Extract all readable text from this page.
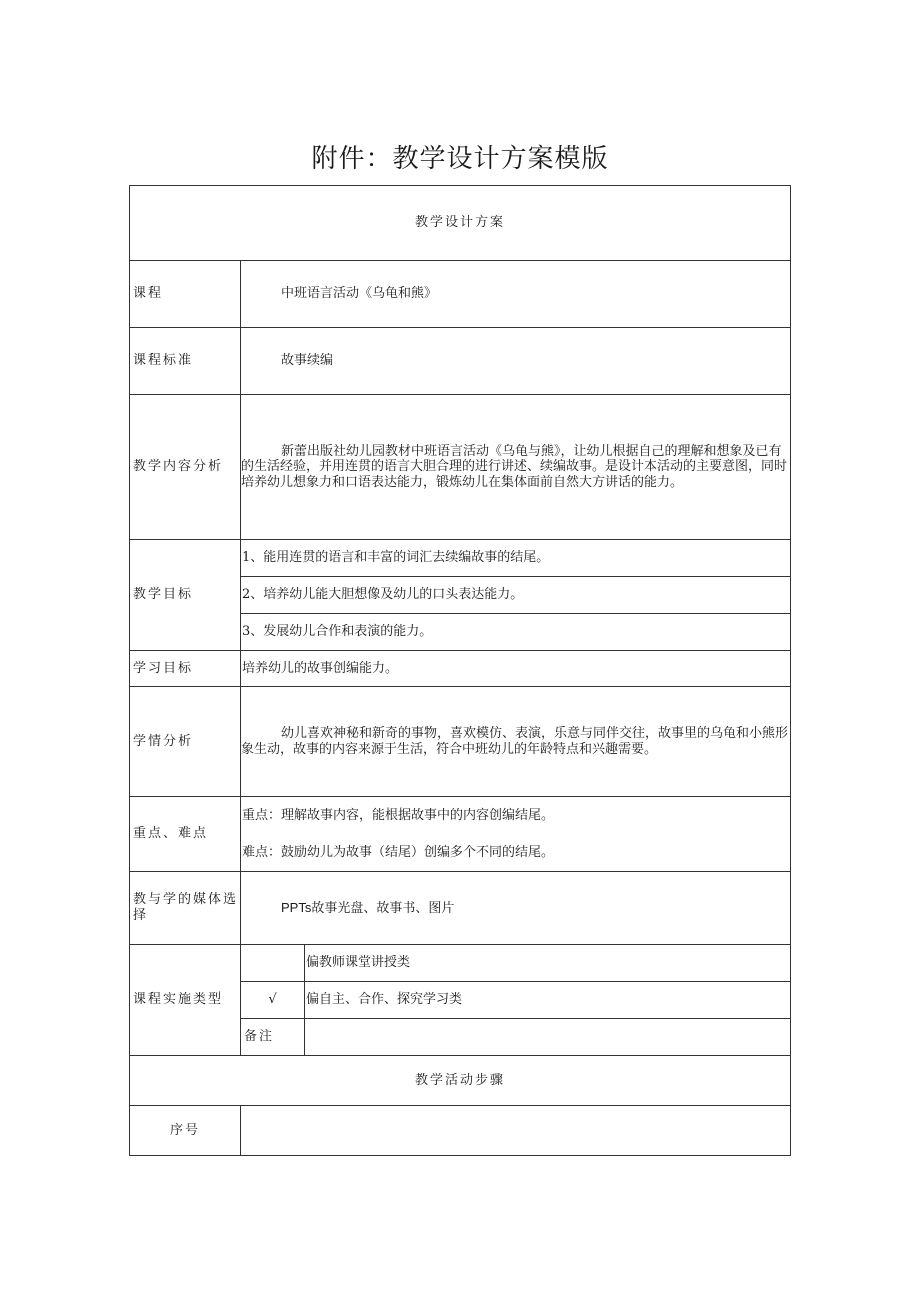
附件：教学设计方案模版
教学设计方案		
课程	中班语言活动《乌龟和熊》	
课程标准	故事续编	
教学内容分析	新蕾出版社幼儿园教材中班语言活动《乌龟与熊》，让幼儿根据自己的理解和想象及已有的生活经验，并用连贯的语言大胆合理的进行讲述、续编故事。是设计本活动的主要意图，同时培养幼儿想象力和口语表达能力，锻炼幼儿在集体面前自然大方讲话的能力。	
教学目标	1、能用连贯的语言和丰富的词汇去续编故事的结尾。	
	2、培养幼儿能大胆想像及幼儿的口头表达能力。	
	3、发展幼儿合作和表演的能力。	
学习目标	培养幼儿的故事创编能力。	
学情分析	幼儿喜欢神秘和新奇的事物，喜欢模仿、表演，乐意与同伴交往，故事里的乌龟和小熊形象生动，故事的内容来源于生活，符合中班幼儿的年龄特点和兴趣需要。	
重点、难点	重点：理解故事内容，能根据故事中的内容创编结尾。
难点：鼓励幼儿为故事（结尾）创编多个不同的结尾。	

教与学的媒体选择	PPTs故事光盘、故事书、图片	
课程实施类型		偏教师课堂讲授类
	√	偏自主、合作、探究学习类
	备注	
教学活动步骤		
序号		
